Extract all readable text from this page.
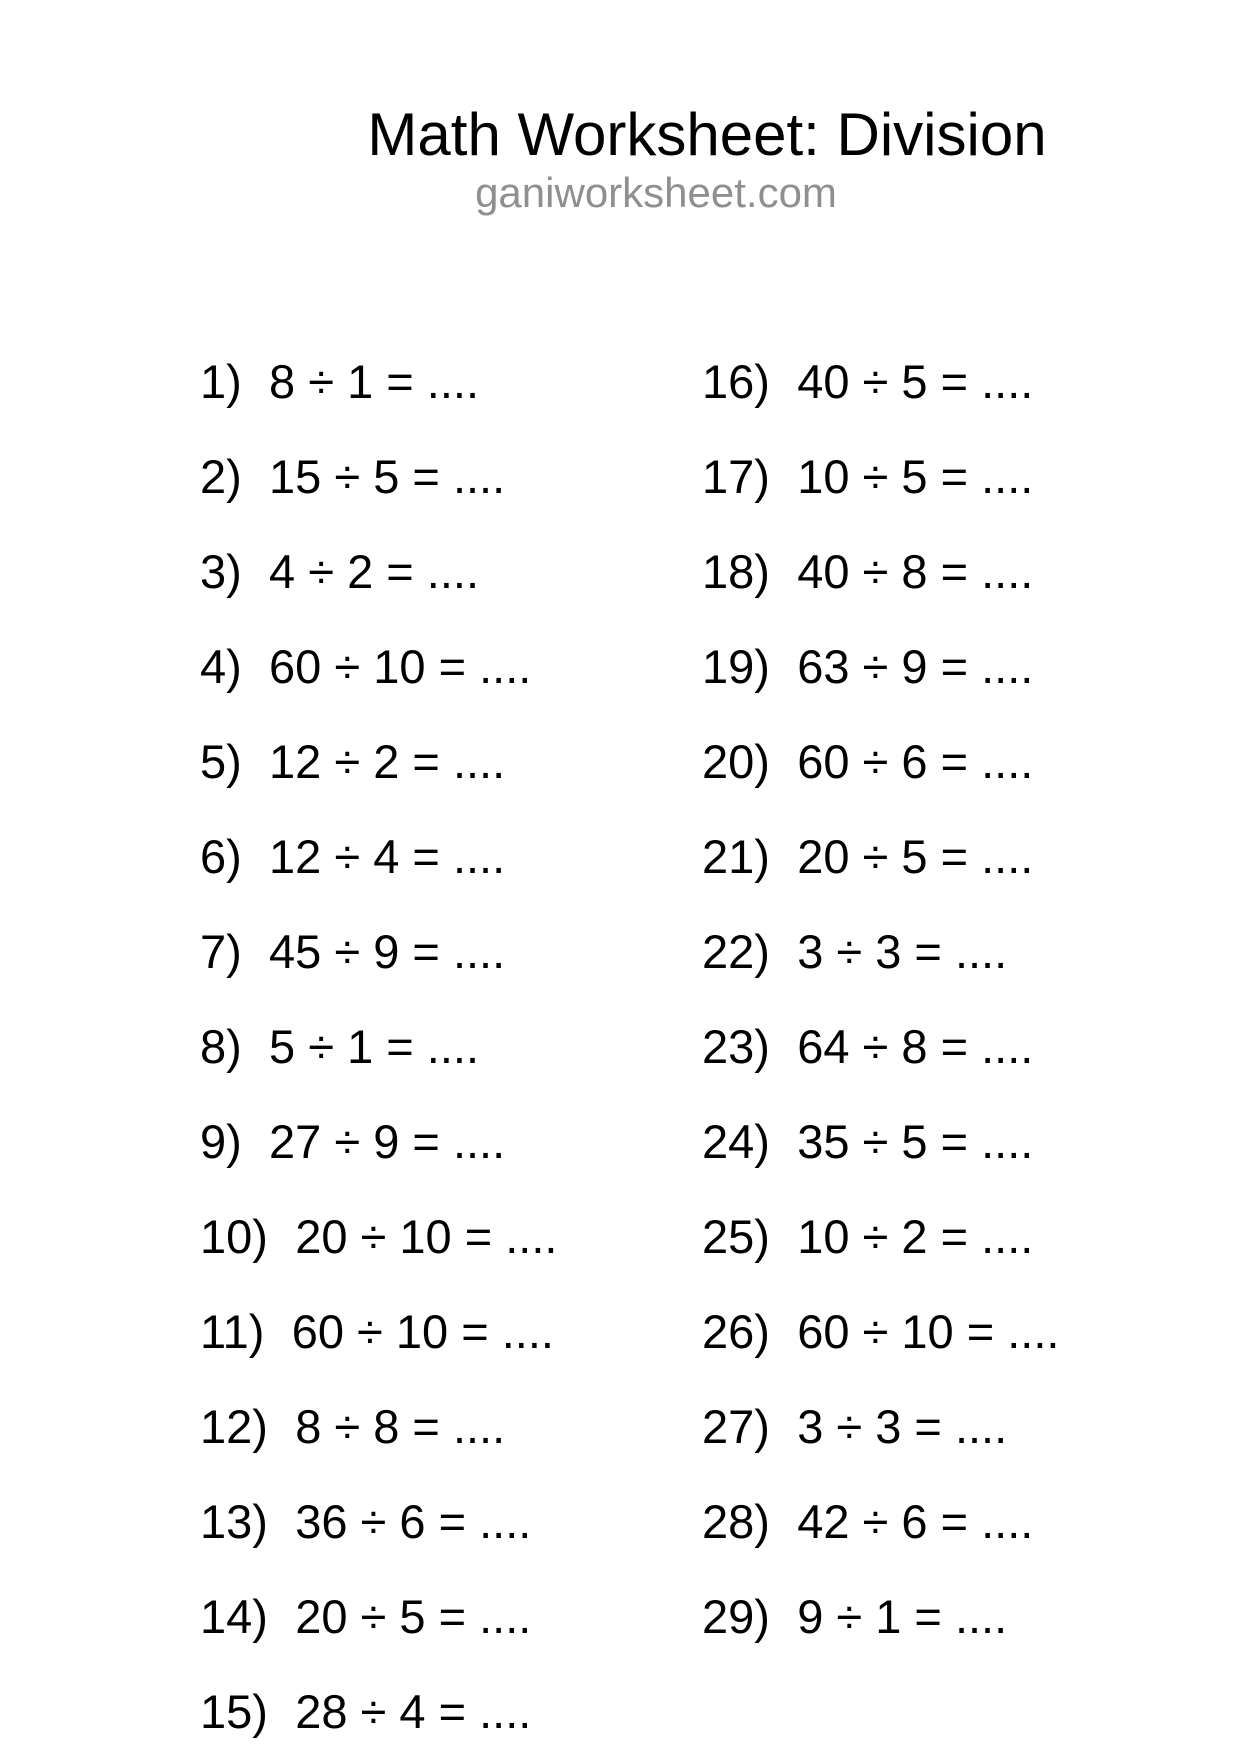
Math Worksheet: Division
ganiworksheet.com
1) 8 ÷ 1 = ....
2) 15 ÷ 5 = ....
3) 4 ÷ 2 = ....
4) 60 ÷ 10 = ....
5) 12 ÷ 2 = ....
6) 12 ÷ 4 = ....
7) 45 ÷ 9 = ....
8) 5 ÷ 1 = ....
9) 27 ÷ 9 = ....
10) 20 ÷ 10 = ....
11) 60 ÷ 10 = ....
12) 8 ÷ 8 = ....
13) 36 ÷ 6 = ....
14) 20 ÷ 5 = ....
15) 28 ÷ 4 = ....
16) 40 ÷ 5 = ....
17) 10 ÷ 5 = ....
18) 40 ÷ 8 = ....
19) 63 ÷ 9 = ....
20) 60 ÷ 6 = ....
21) 20 ÷ 5 = ....
22) 3 ÷ 3 = ....
23) 64 ÷ 8 = ....
24) 35 ÷ 5 = ....
25) 10 ÷ 2 = ....
26) 60 ÷ 10 = ....
27) 3 ÷ 3 = ....
28) 42 ÷ 6 = ....
29) 9 ÷ 1 = ....
